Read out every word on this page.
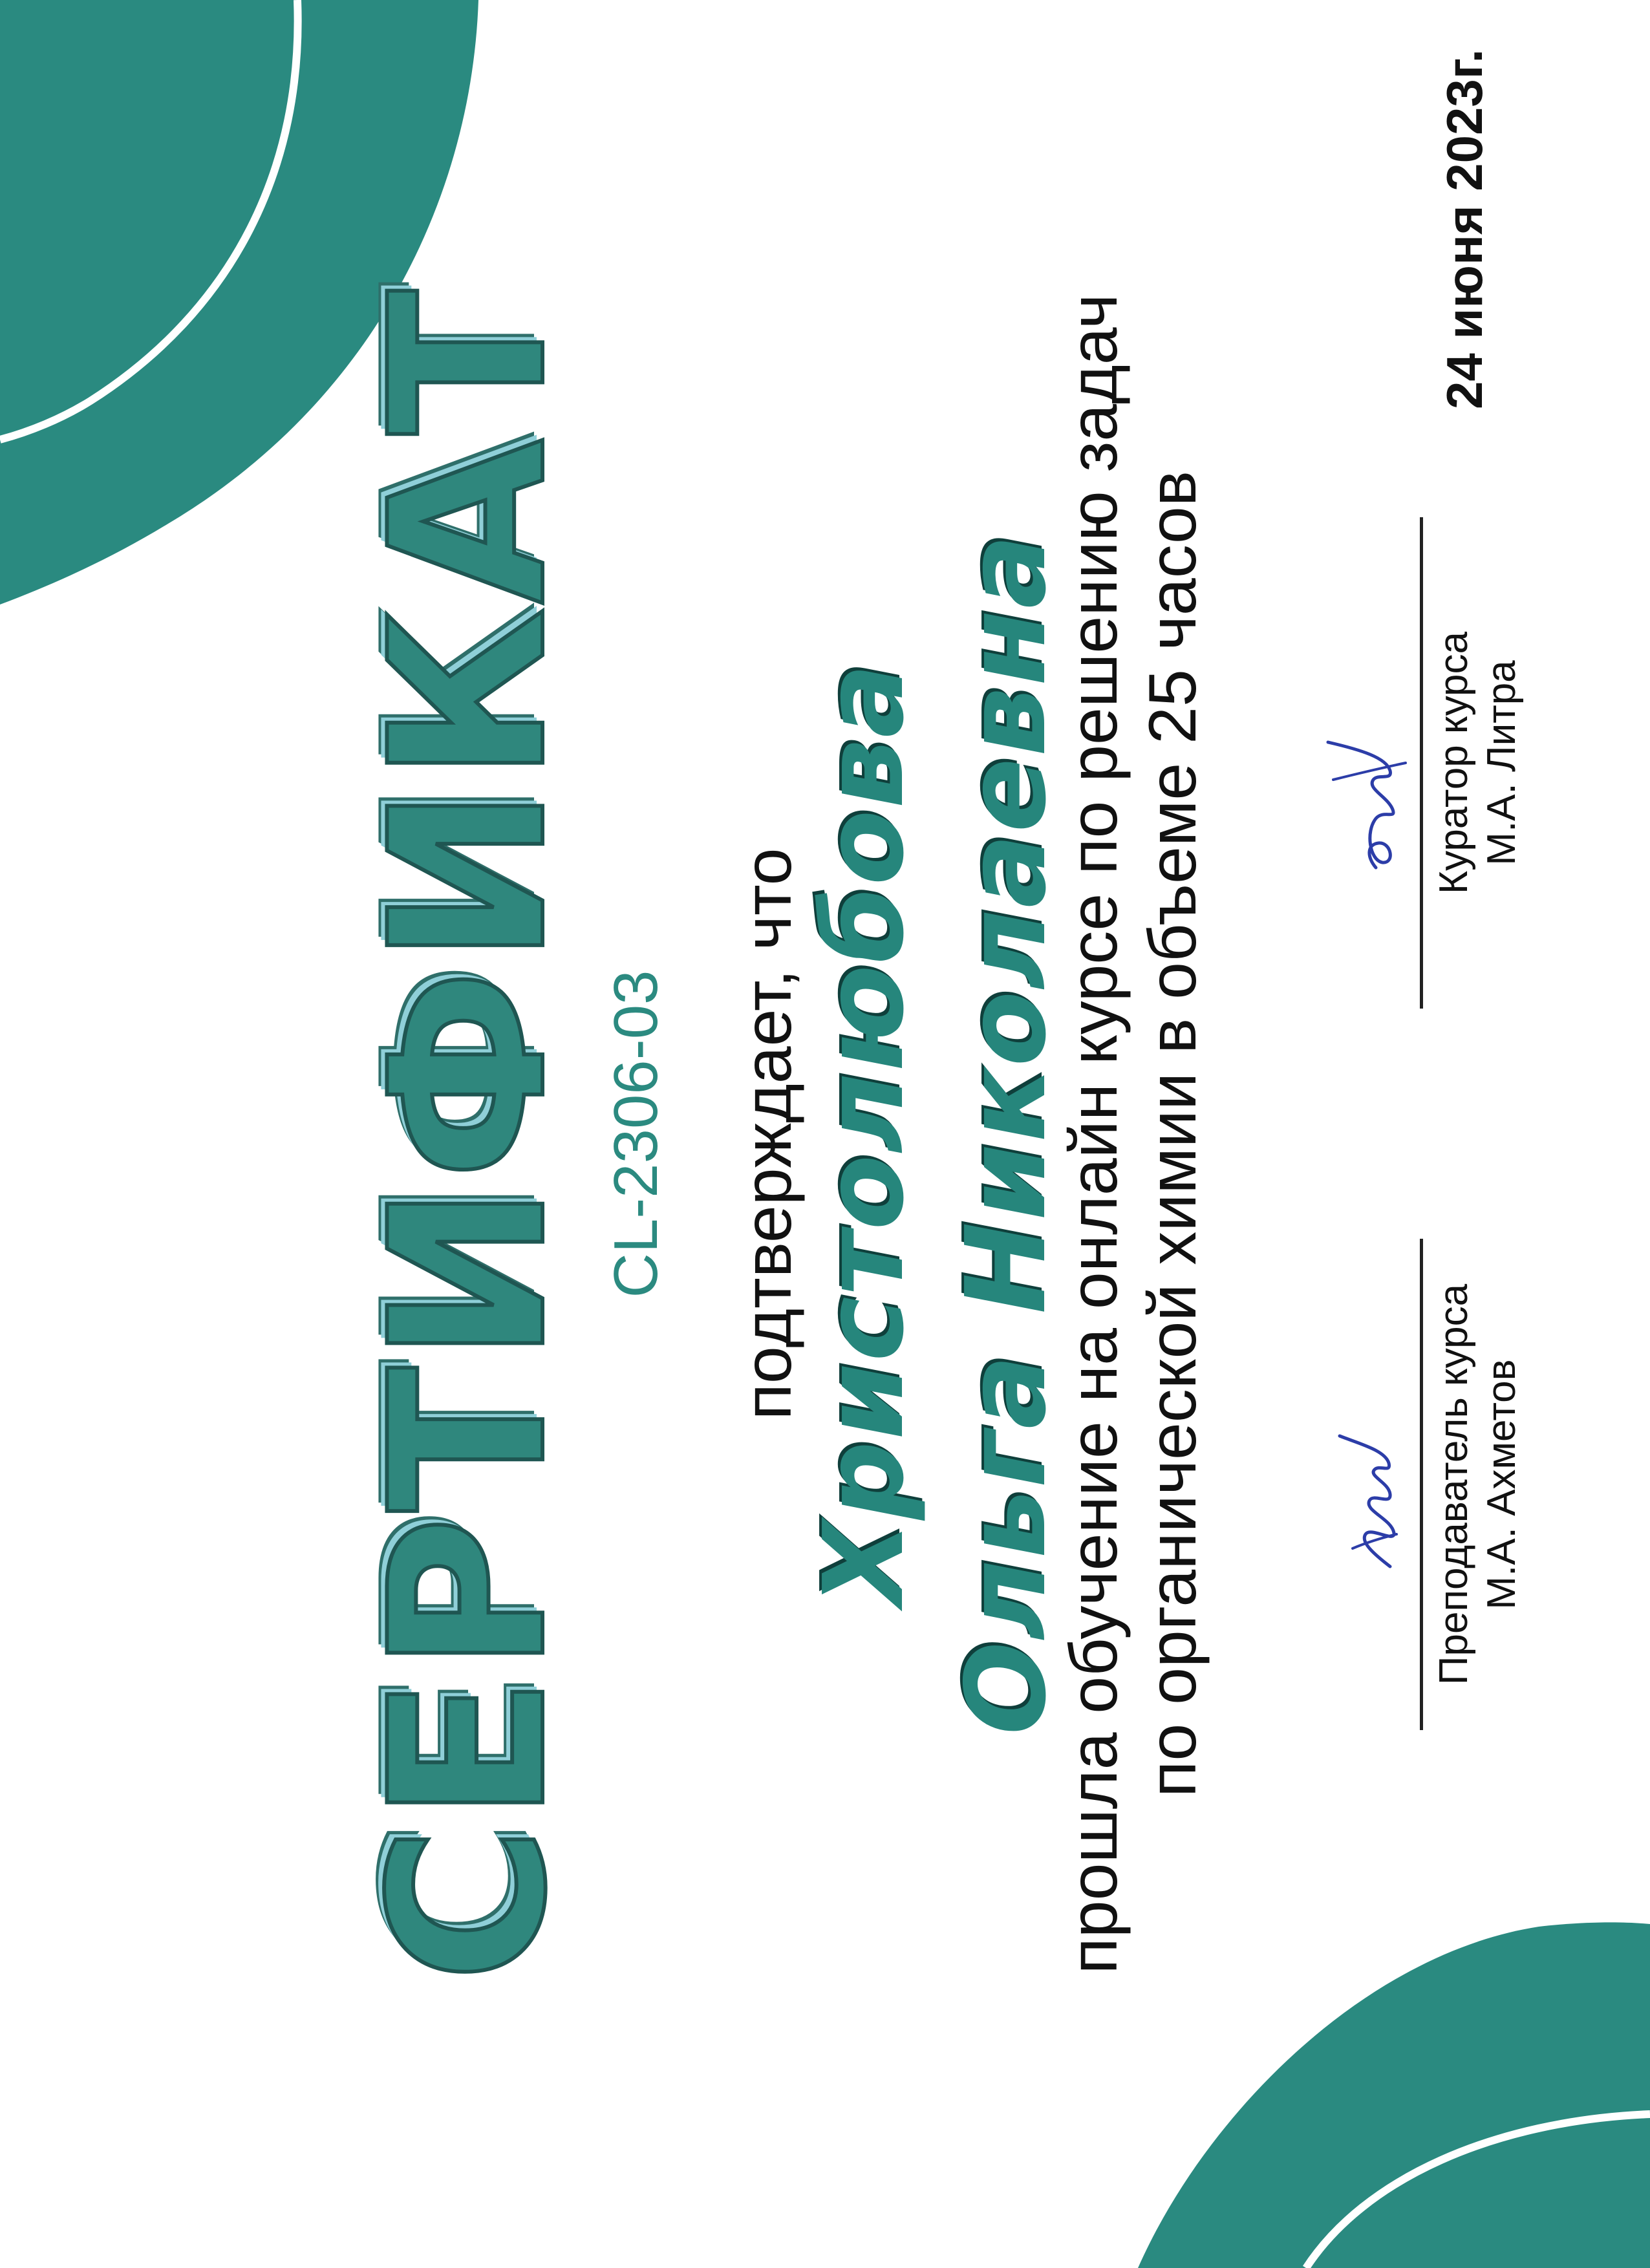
СЕРТИФИКАТ CL-2306-03 подтверждает, что
Христолюбова Ольга Николаевна
прошла обучение на онлайн курсе по решению задач по органической химии в объеме 25 часов	Преподаватель курса М.А. Ахметов
Куратор курса М.А. Литра
24 июня 2023г.
